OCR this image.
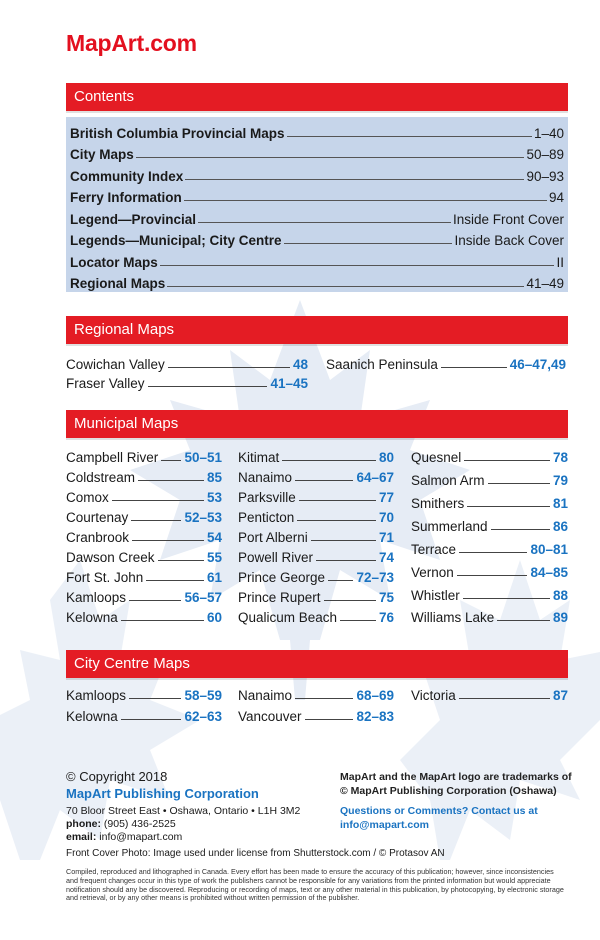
MapArt.com
Contents
British Columbia Provincial Maps	1–40
City Maps	50–89
Community Index	90–93
Ferry Information	94
Legend—Provincial	Inside Front Cover
Legends—Municipal; City Centre	Inside Back Cover
Locator Maps	II
Regional Maps	41–49
Regional Maps
Cowichan Valley	48
Fraser Valley	41–45
Saanich Peninsula	46–47,49
Municipal Maps
Campbell River 50–51
Coldstream	85
Comox	53
Courtenay	52–53
Cranbrook	54
Dawson Creek	55
Fort St. John	61
Kamloops	56–57
Kelowna	60
Kitimat	80
Nanaimo	64–67
Parksville	77
Penticton	70
Port Alberni	71
Powell River	74
Prince George 72–73
Prince Rupert	75
Qualicum Beach	76
Quesnel	78
Salmon Arm	79
Smithers	81
Summerland	86
Terrace	80–81
Vernon	84–85
Whistler	88
Williams Lake	89
City Centre Maps
Kamloops	58–59
Kelowna	62–63
Nanaimo	68–69
Vancouver	82–83
Victoria	87
© Copyright 2018
MapArt Publishing Corporation
70 Bloor Street East • Oshawa, Ontario • L1H 3M2
phone: (905) 436-2525
email: info@mapart.com
Front Cover Photo: Image used under license from Shutterstock.com / © Protasov AN
MapArt and the MapArt logo are trademarks of
© MapArt Publishing Corporation (Oshawa)
Questions or Comments? Contact us at
info@mapart.com
Compiled, reproduced and lithographed in Canada. Every effort has been made to ensure the accuracy of this publication; however, since inconsistencies and frequent changes occur in this type of work the publishers cannot be responsible for any variations from the printed information but would appreciate notification should any be discovered. Reproducing or recording of maps, text or any other material in this publication, by photocopying, by electronic storage and retrieval, or by any other means is prohibited without written permission of the publisher.
